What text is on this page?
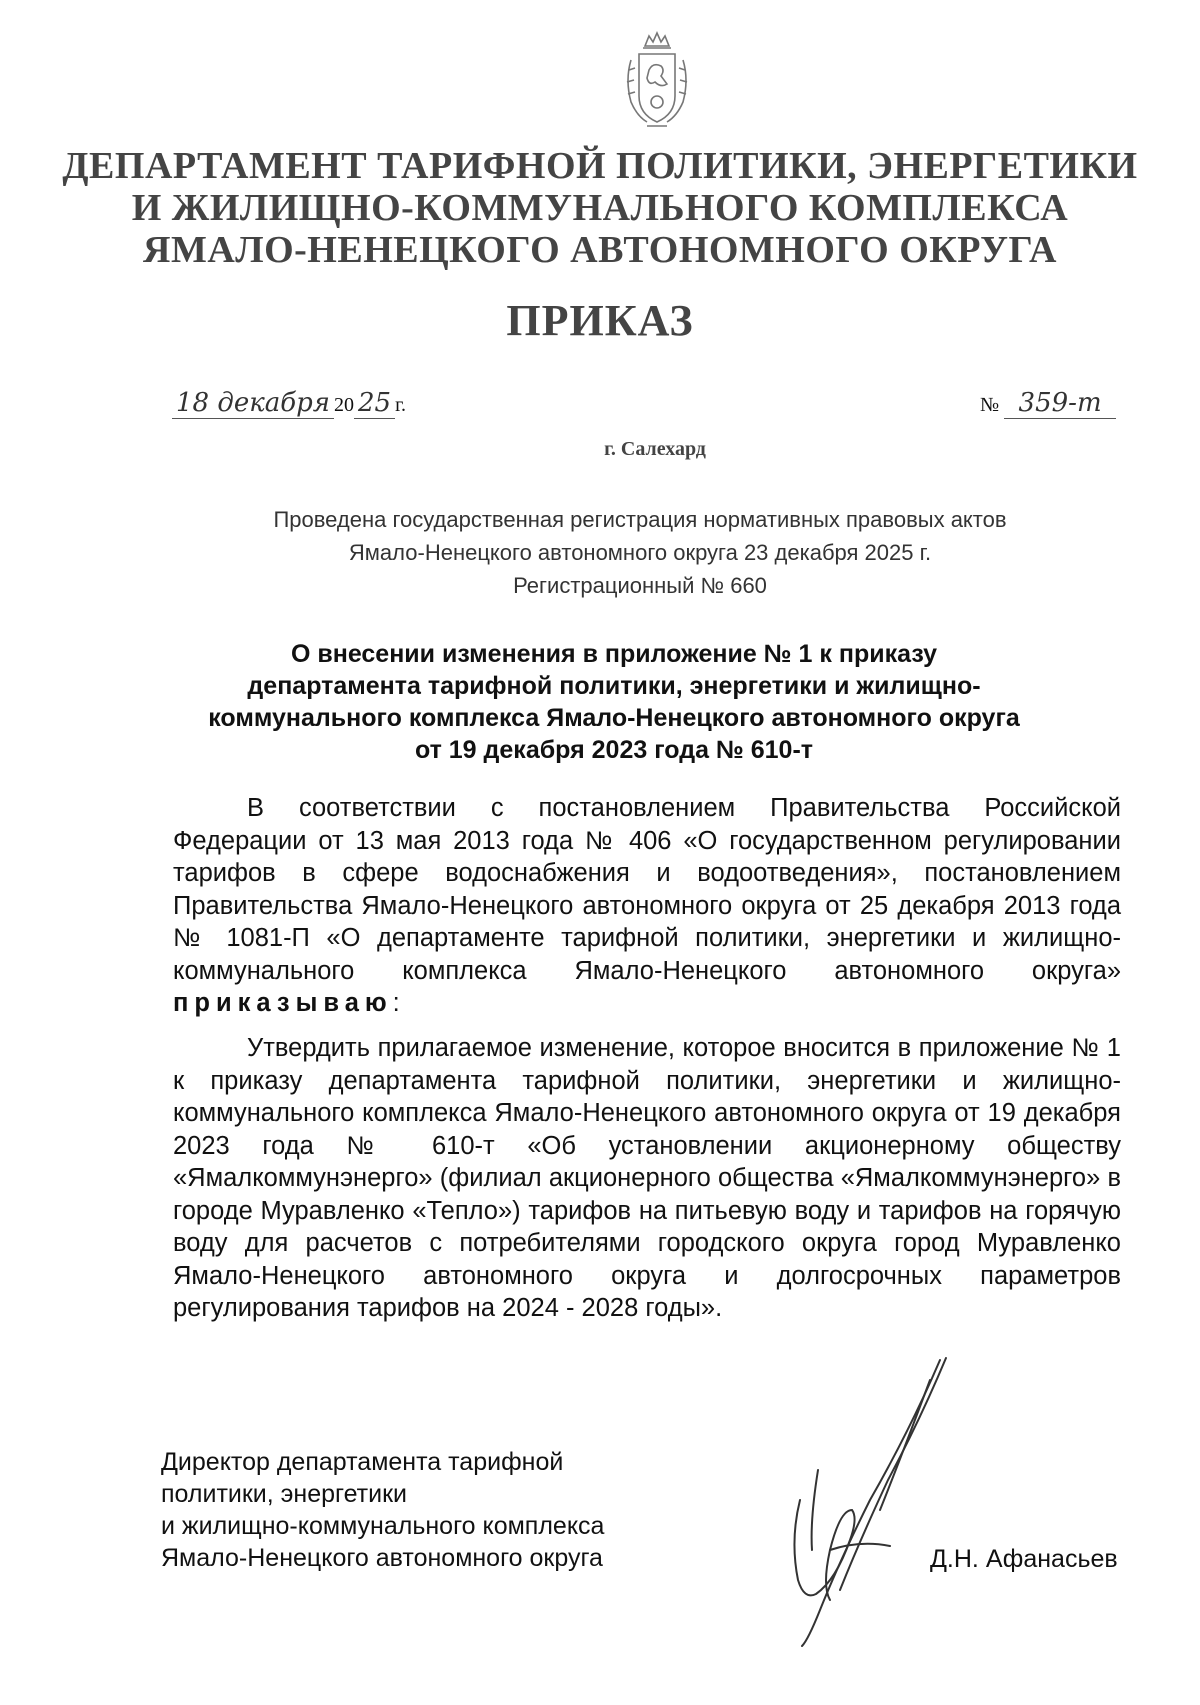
ДЕПАРТАМЕНТ ТАРИФНОЙ ПОЛИТИКИ, ЭНЕРГЕТИКИ
И ЖИЛИЩНО-КОММУНАЛЬНОГО КОМПЛЕКСА
ЯМАЛО-НЕНЕЦКОГО АВТОНОМНОГО ОКРУГА
ПРИКАЗ
18 декабря 20 25 г.	№ 359-т
г. Салехард
Проведена государственная регистрация нормативных правовых актов
Ямало-Ненецкого автономного округа 23 декабря 2025 г.
Регистрационный № 660
О внесении изменения в приложение № 1 к приказу
департамента тарифной политики, энергетики и жилищно-
коммунального комплекса Ямало-Ненецкого автономного округа
от 19 декабря 2023 года № 610-т

В соответствии с постановлением Правительства Российской Федерации от 13 мая 2013 года № 406 «О государственном регулировании тарифов в сфере водоснабжения и водоотведения», постановлением Правительства Ямало-Ненецкого автономного округа от 25 декабря 2013 года № 1081-П «О департаменте тарифной политики, энергетики и жилищно-коммунального комплекса Ямало-Ненецкого автономного округа» приказываю:

Утвердить прилагаемое изменение, которое вносится в приложение № 1 к приказу департамента тарифной политики, энергетики и жилищно-коммунального комплекса Ямало-Ненецкого автономного округа от 19 декабря 2023 года № 610-т «Об установлении акционерному обществу «Ямалкоммунэнерго» (филиал акционерного общества «Ямалкоммунэнерго» в городе Муравленко «Тепло») тарифов на питьевую воду и тарифов на горячую воду для расчетов с потребителями городского округа город Муравленко Ямало-Ненецкого автономного округа и долгосрочных параметров регулирования тарифов на 2024 - 2028 годы».

Директор департамента тарифной
политики, энергетики
и жилищно-коммунального комплекса
Ямало-Ненецкого автономного округа	Д.Н. Афанасьев
